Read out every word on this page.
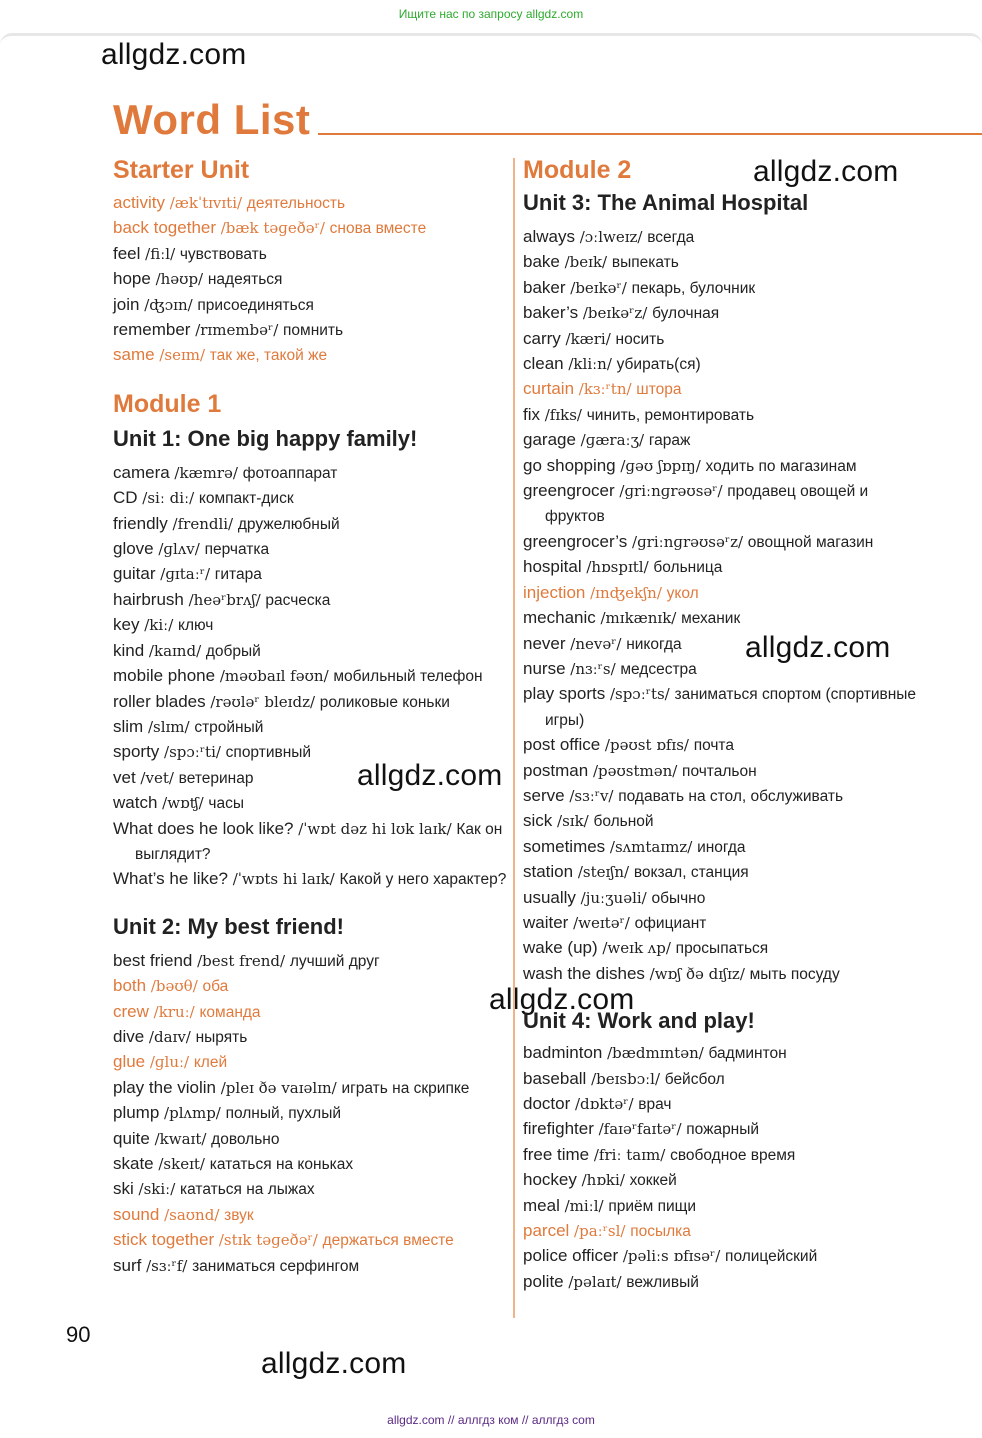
Ищите нас по запросу allgdz.com
allgdz.com
allgdz.com
allgdz.com
allgdz.com
allgdz.com
allgdz.com
Word List
Starter Unit
activity /ækˈtɪvɪti/ деятельность
back together /bæk təɡeðəʳ/ снова вместе
feel /fiːl/ чувствовать
hope /həʊp/ надеяться
join /ʤɔɪn/ присоединяться
remember /rɪmembəʳ/ помнить
same /seɪm/ так же, такой же
Module 1
Unit 1: One big happy family!
camera /kæmrə/ фотоаппарат
CD /siː diː/ компакт-диск
friendly /frendli/ дружелюбный
glove /ɡlʌv/ перчатка
guitar /ɡɪtaːʳ/ гитара
hairbrush /heəʳbrʌʃ/ расческа
key /kiː/ ключ
kind /kaɪnd/ добрый
mobile phone /məʊbaɪl fəʊn/ мобильный телефон
roller blades /rəʊləʳ bleɪdz/ роликовые коньки
slim /slɪm/ стройный
sporty /spɔːʳti/ спортивный
vet /vet/ ветеринар
watch /wɒʧ/ часы
What does he look like? /ˈwɒt dəz hi lʊk laɪk/ Как он выглядит?
What’s he like? /ˈwɒts hi laɪk/ Какой у него характер?
Unit 2: My best friend!
best friend /best frend/ лучший друг
both /bəʊθ/ оба
crew /kruː/ команда
dive /daɪv/ нырять
glue /ɡluː/ клей
play the violin /pleɪ ðə vaɪəlɪn/ играть на скрипке
plump /plʌmp/ полный, пухлый
quite /kwaɪt/ довольно
skate /skeɪt/ кататься на коньках
ski /skiː/ кататься на лыжах
sound /saʊnd/ звук
stick together /stɪk təɡeðəʳ/ держаться вместе
surf /sɜːʳf/ заниматься серфингом
Module 2
Unit 3: The Animal Hospital
always /ɔːlweɪz/ всегда
bake /beɪk/ выпекать
baker /beɪkəʳ/ пекарь, булочник
baker’s /beɪkəʳz/ булочная
carry /kæri/ носить
clean /kliːn/ убирать(ся)
curtain /kɜːʳtn/ штора
fix /fɪks/ чинить, ремонтировать
garage /ɡæraːʒ/ гараж
go shopping /ɡəʊ ʃɒpɪŋ/ ходить по магазинам
greengrocer /ɡriːnɡrəʊsəʳ/ продавец овощей и фруктов
greengrocer’s /ɡriːnɡrəʊsəʳz/ овощной магазин
hospital /hɒspɪtl/ больница
injection /ɪnʤekʃn/ укол
mechanic /mɪkænɪk/ механик
never /nevəʳ/ никогда
nurse /nɜːʳs/ медсестра
play sports /spɔːʳts/ заниматься спортом (спортивные игры)
post office /pəʊst ɒfɪs/ почта
postman /pəʊstmən/ почтальон
serve /sɜːʳv/ подавать на стол, обслуживать
sick /sɪk/ больной
sometimes /sʌmtaɪmz/ иногда
station /steɪʃn/ вокзал, станция
usually /juːʒuəli/ обычно
waiter /weɪtəʳ/ официант
wake (up) /weɪk ʌp/ просыпаться
wash the dishes /wɒʃ ðə dɪʃɪz/ мыть посуду
Unit 4: Work and play!
badminton /bædmɪntən/ бадминтон
baseball /beɪsbɔːl/ бейсбол
doctor /dɒktəʳ/ врач
firefighter /faɪəʳfaɪtəʳ/ пожарный
free time /friː taɪm/ свободное время
hockey /hɒki/ хоккей
meal /miːl/ приём пищи
parcel /paːʳsl/ посылка
police officer /pəliːs ɒfɪsəʳ/ полицейский
polite /pəlaɪt/ вежливый
90
allgdz.com // аллгдз ком // аллгдз com
